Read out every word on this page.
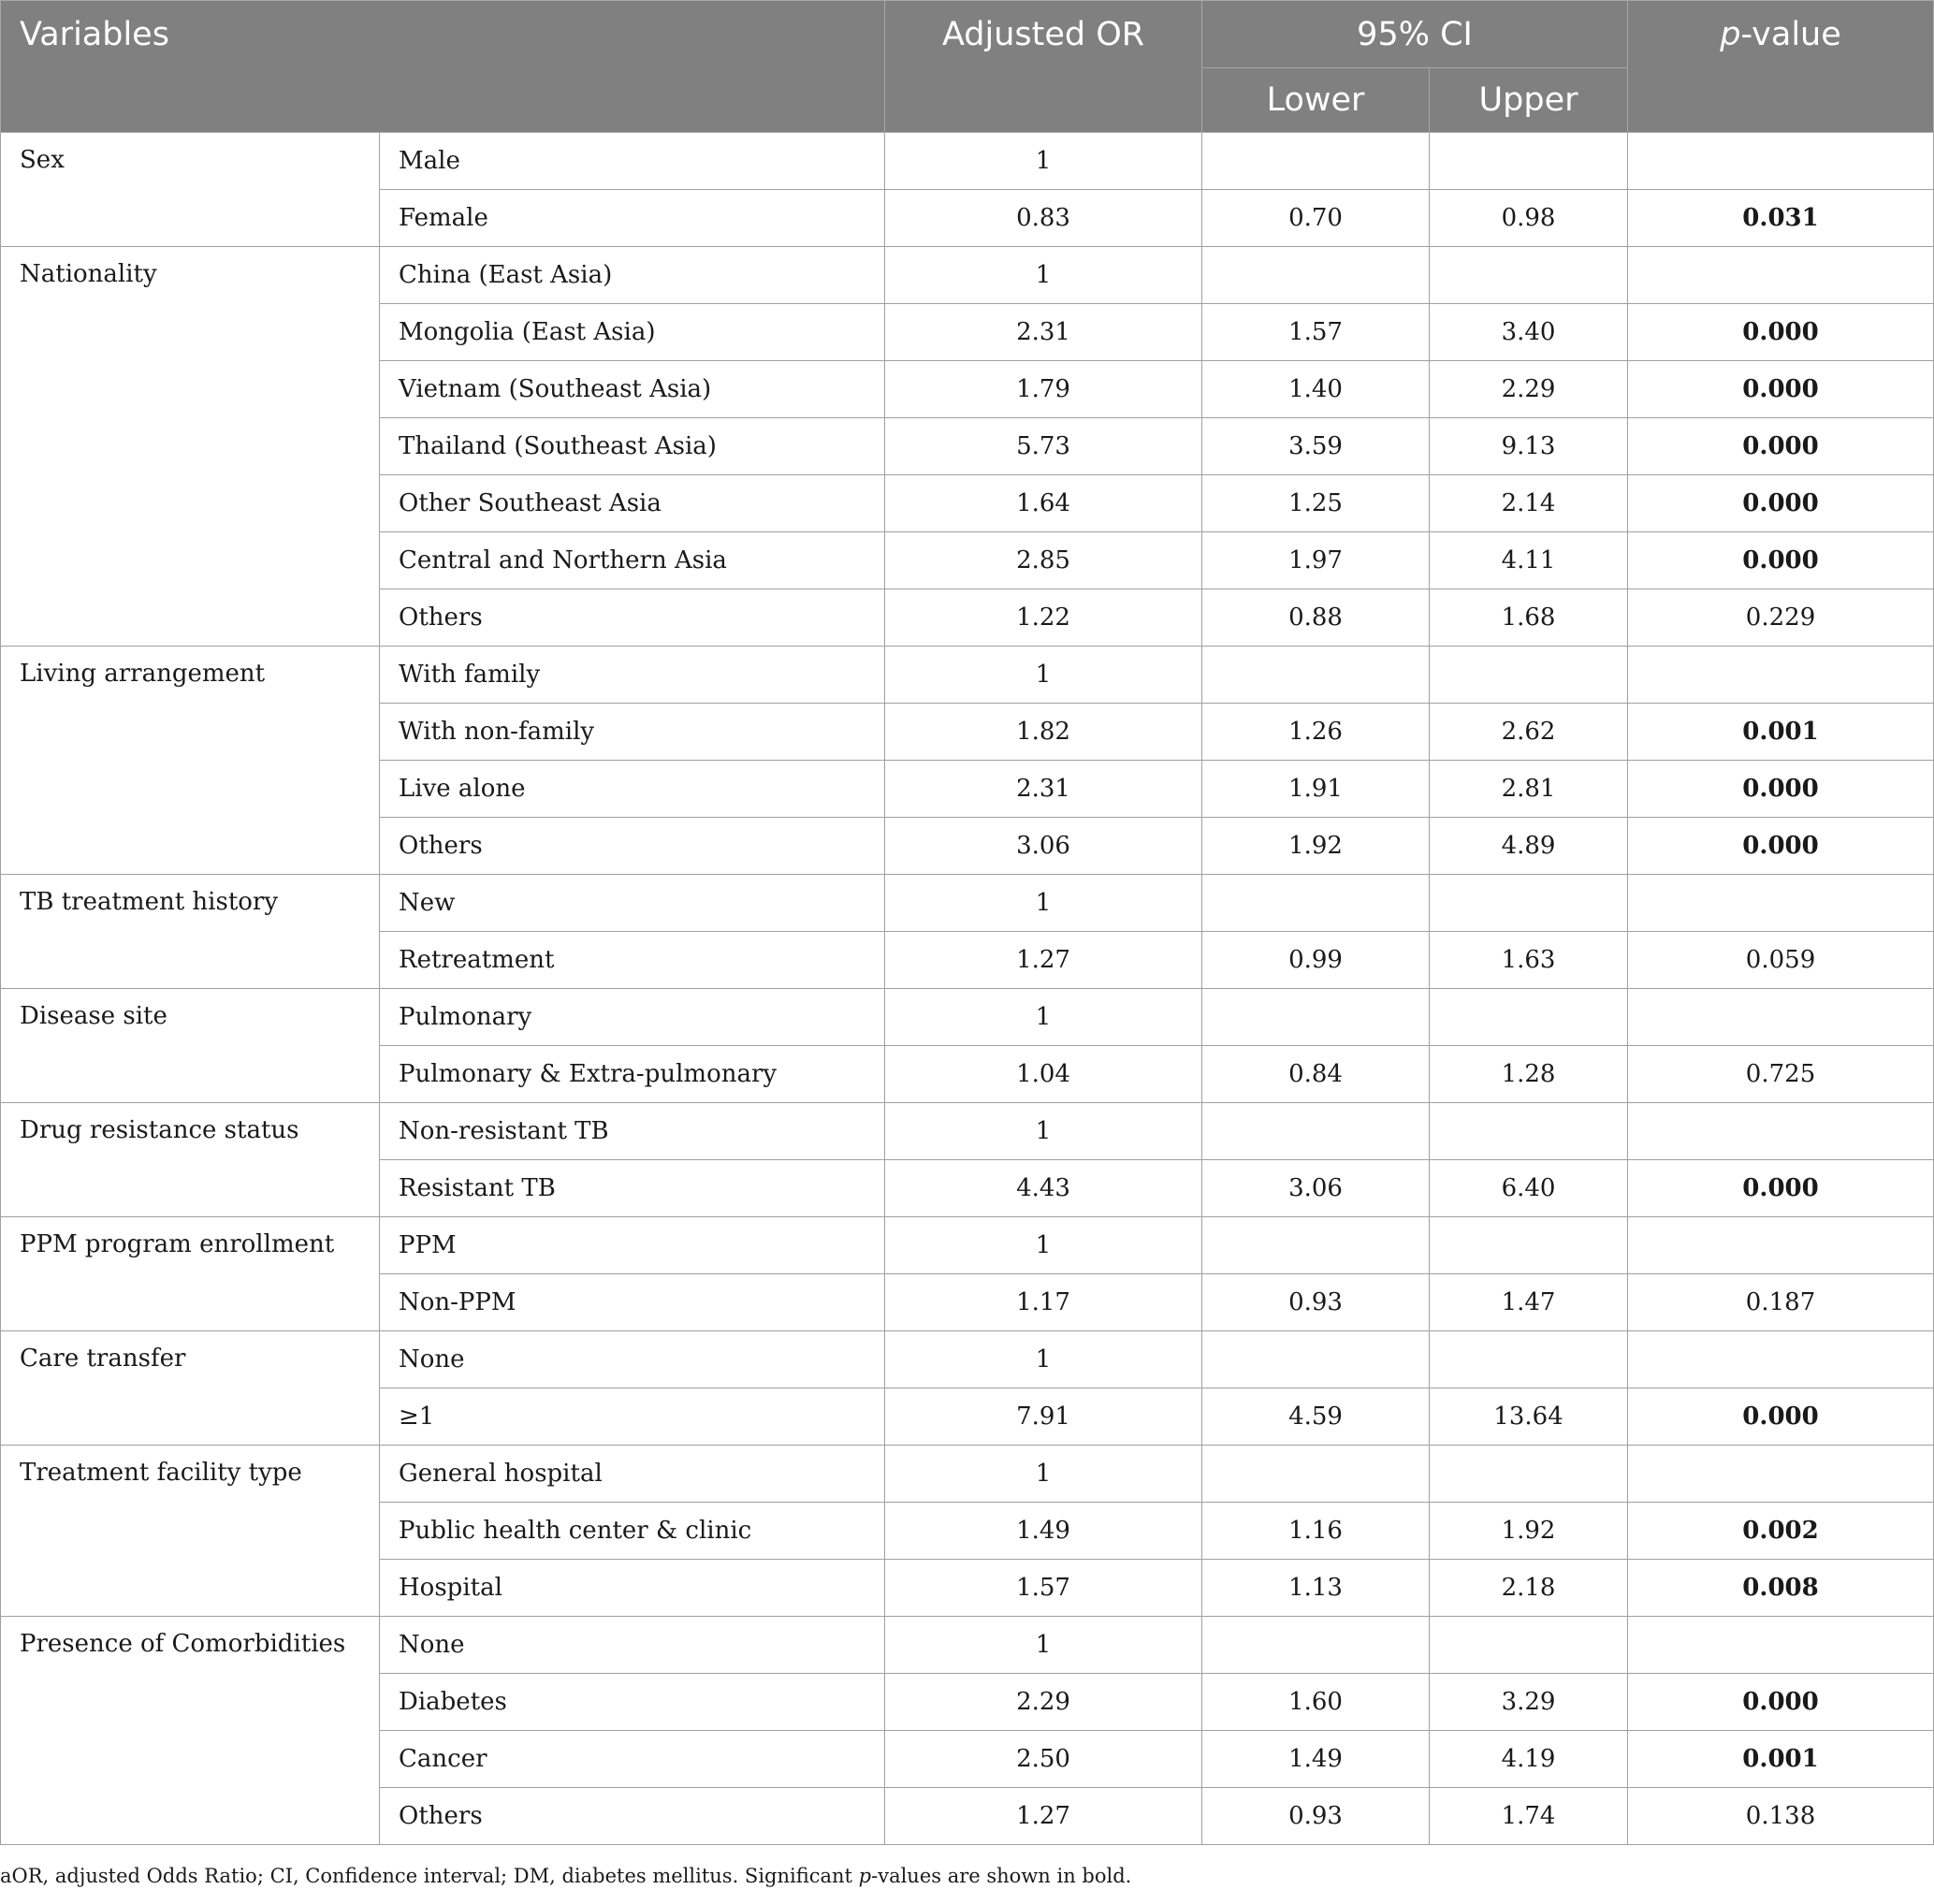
Variables		Adjusted OR	95% CI		p-value
			Lower	Upper	
Sex	Male	1			
	Female	0.83	0.70	0.98	0.031
Nationality	China (East Asia)	1			
	Mongolia (East Asia)	2.31	1.57	3.40	0.000
	Vietnam (Southeast Asia)	1.79	1.40	2.29	0.000
	Thailand (Southeast Asia)	5.73	3.59	9.13	0.000
	Other Southeast Asia	1.64	1.25	2.14	0.000
	Central and Northern Asia	2.85	1.97	4.11	0.000
	Others	1.22	0.88	1.68	0.229
Living arrangement	With family	1			
	With non-family	1.82	1.26	2.62	0.001
	Live alone	2.31	1.91	2.81	0.000
	Others	3.06	1.92	4.89	0.000
TB treatment history	New	1			
	Retreatment	1.27	0.99	1.63	0.059
Disease site	Pulmonary	1			
	Pulmonary & Extra-pulmonary	1.04	0.84	1.28	0.725
Drug resistance status	Non-resistant TB	1			
	Resistant TB	4.43	3.06	6.40	0.000
PPM program enrollment	PPM	1			
	Non-PPM	1.17	0.93	1.47	0.187
Care transfer	None	1			
	≥1	7.91	4.59	13.64	0.000
Treatment facility type	General hospital	1			
	Public health center & clinic	1.49	1.16	1.92	0.002
	Hospital	1.57	1.13	2.18	0.008
Presence of Comorbidities	None	1			
	Diabetes	2.29	1.60	3.29	0.000
	Cancer	2.50	1.49	4.19	0.001
	Others	1.27	0.93	1.74	0.138
aOR, adjusted Odds Ratio; CI, Confidence interval; DM, diabetes mellitus. Significant p-values are shown in bold.
